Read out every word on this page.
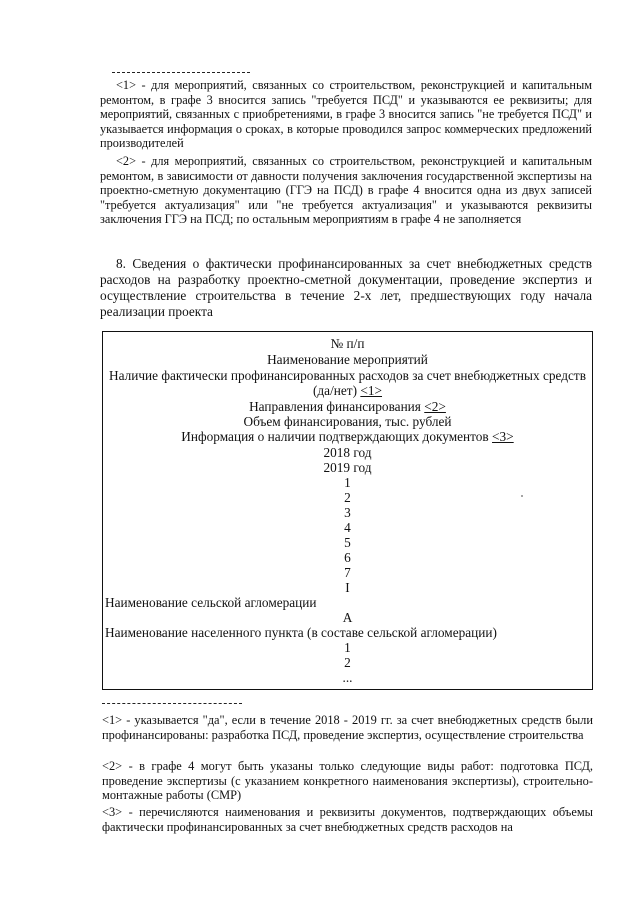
<1> - для мероприятий, связанных со строительством, реконструкцией и капитальным ремонтом, в графе 3 вносится запись "требуется ПСД" и указываются ее реквизиты; для мероприятий, связанных с приобретениями, в графе 3 вносится запись "не требуется ПСД" и указывается информация о сроках, в которые проводился запрос коммерческих предложений производителей

<2> - для мероприятий, связанных со строительством, реконструкцией и капитальным ремонтом, в зависимости от давности получения заключения государственной экспертизы на проектно-сметную документацию (ГГЭ на ПСД) в графе 4 вносится одна из двух записей "требуется актуализация" или "не требуется актуализация" и указываются реквизиты заключения ГГЭ на ПСД; по остальным мероприятиям в графе 4 не заполняется

8. Сведения о фактически профинансированных за счет внебюджетных средств расходов на разработку проектно-сметной документации, проведение экспертиз и осуществление строительства в течение 2-х лет, предшествующих году начала реализации проекта

№ п/п
Наименование мероприятий
Наличие фактически профинансированных расходов за счет внебюджетных средств
(да/нет) <1>
Направления финансирования <2>
Объем финансирования, тыс. рублей
Информация о наличии подтверждающих документов <3>
2018 год
2019 год
1
2
3
4
5
6
7
I
Наименование сельской агломерации
А
Наименование населенного пункта (в составе сельской агломерации)
1
2
...

<1> - указывается "да", если в течение 2018 - 2019 гг. за счет внебюджетных средств были профинансированы: разработка ПСД, проведение экспертиз, осуществление строительства

<2> - в графе 4 могут быть указаны только следующие виды работ: подготовка ПСД, проведение экспертизы (с указанием конкретного наименования экспертизы), строительно-монтажные работы (СМР)

<3> - перечисляются наименования и реквизиты документов, подтверждающих объемы фактически профинансированных за счет внебюджетных средств расходов на
